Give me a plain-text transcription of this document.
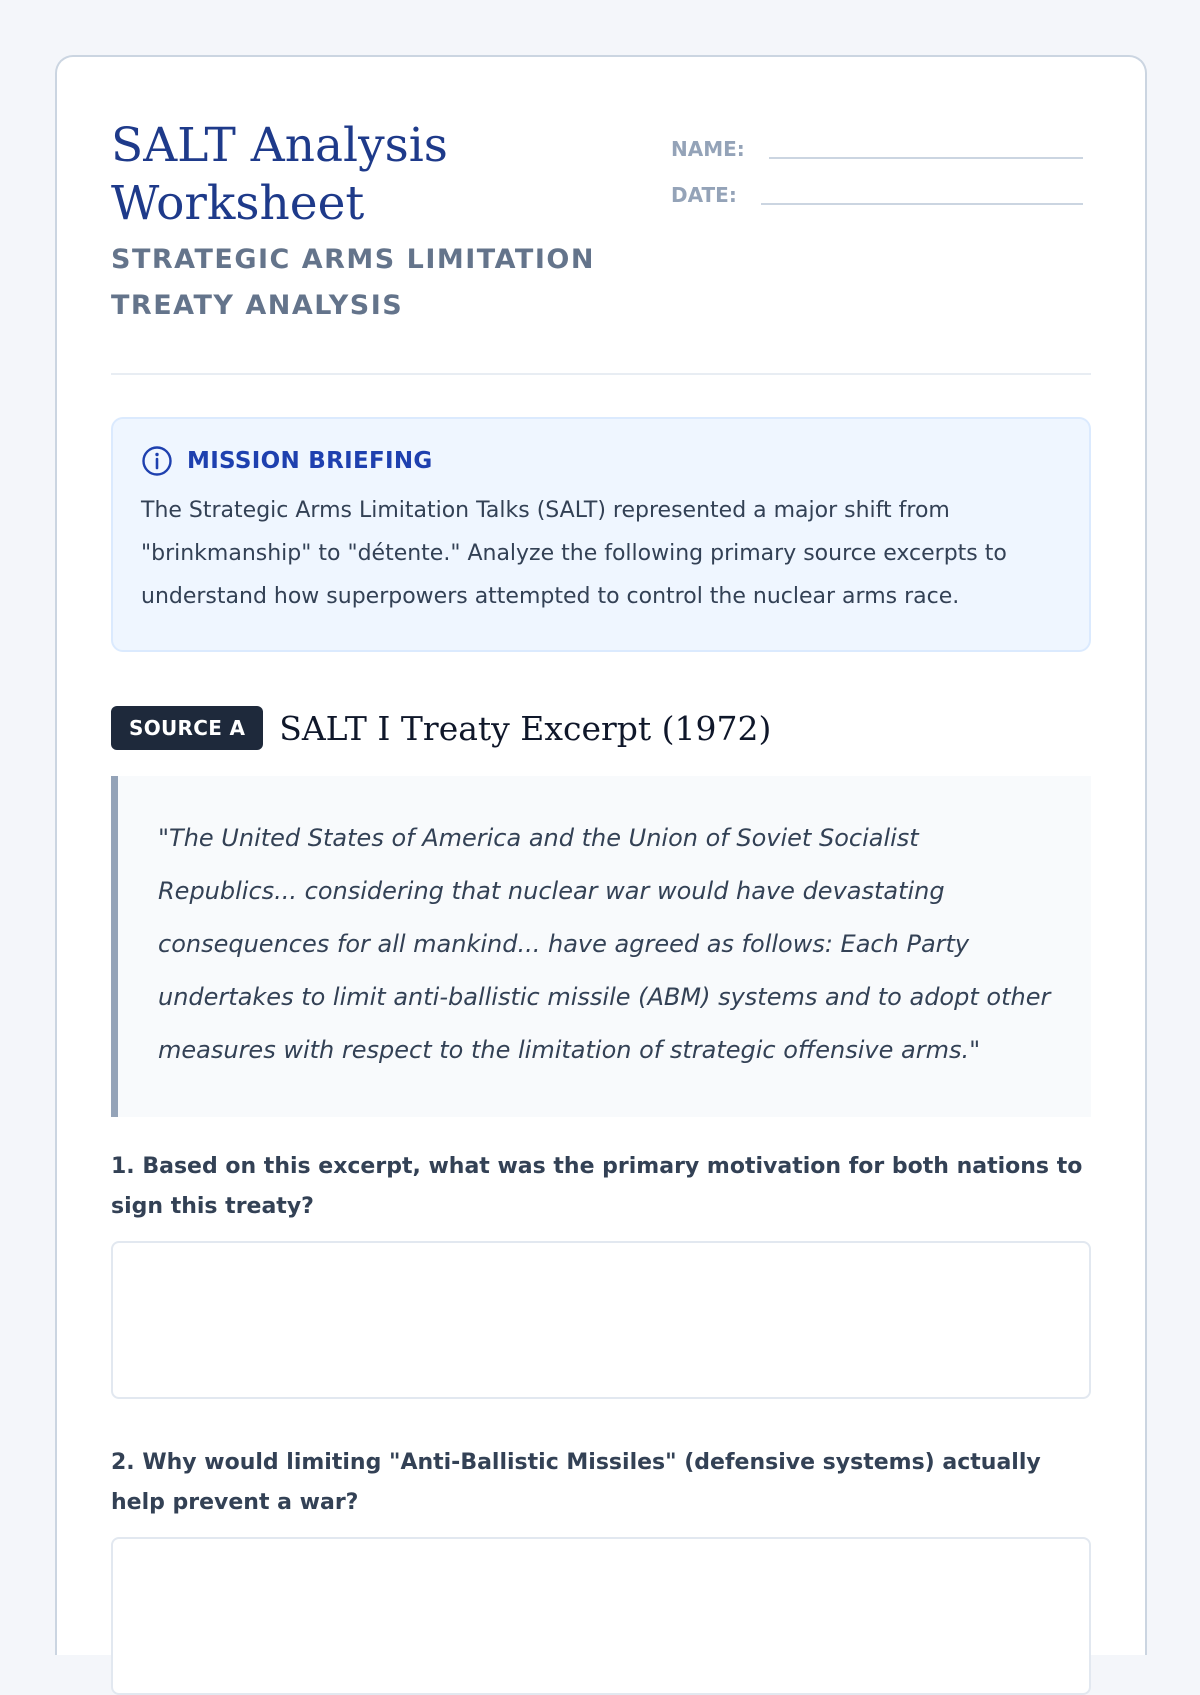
SALT Analysis Worksheet
STRATEGIC ARMS LIMITATION TREATY ANALYSIS
NAME:
DATE:
MISSION BRIEFING

The Strategic Arms Limitation Talks (SALT) represented a major shift from "brinkmanship" to "détente." Analyze the following primary source excerpts to understand how superpowers attempted to control the nuclear arms race.

SOURCE A	SALT I Treaty Excerpt (1972)

"The United States of America and the Union of Soviet Socialist Republics... considering that nuclear war would have devastating consequences for all mankind... have agreed as follows: Each Party undertakes to limit anti-ballistic missile (ABM) systems and to adopt other measures with respect to the limitation of strategic offensive arms."

1. Based on this excerpt, what was the primary motivation for both nations to sign this treaty?
2. Why would limiting "Anti-Ballistic Missiles" (defensive systems) actually help prevent a war?
